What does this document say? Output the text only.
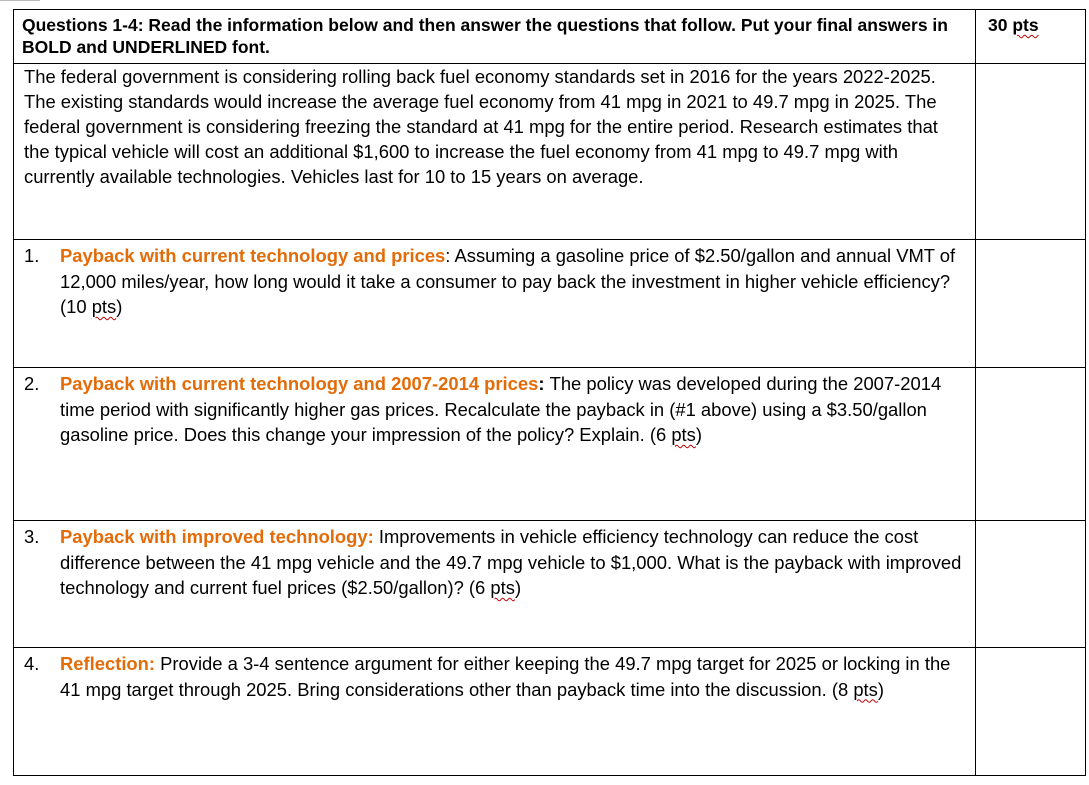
Questions 1-4: Read the information below and then answer the questions that follow. Put your final answers in BOLD and UNDERLINED font.	30 pts

The federal government is considering rolling back fuel economy standards set in 2016 for the years 2022-2025. The existing standards would increase the average fuel economy from 41 mpg in 2021 to 49.7 mpg in 2025. The federal government is considering freezing the standard at 41 mpg for the entire period. Research estimates that the typical vehicle will cost an additional $1,600 to increase the fuel economy from 41 mpg to 49.7 mpg with currently available technologies. Vehicles last for 10 to 15 years on average.	

1. Payback with current technology and prices: Assuming a gasoline price of $2.50/gallon and annual VMT of 12,000 miles/year, how long would it take a consumer to pay back the investment in higher vehicle efficiency? (10 pts)	

2. Payback with current technology and 2007-2014 prices: The policy was developed during the 2007-2014 time period with significantly higher gas prices. Recalculate the payback in (#1 above) using a $3.50/gallon gasoline price. Does this change your impression of the policy? Explain. (6 pts)	

3. Payback with improved technology: Improvements in vehicle efficiency technology can reduce the cost difference between the 41 mpg vehicle and the 49.7 mpg vehicle to $1,000. What is the payback with improved technology and current fuel prices ($2.50/gallon)? (6 pts)	

4. Reflection: Provide a 3-4 sentence argument for either keeping the 49.7 mpg target for 2025 or locking in the 41 mpg target through 2025. Bring considerations other than payback time into the discussion. (8 pts)	
